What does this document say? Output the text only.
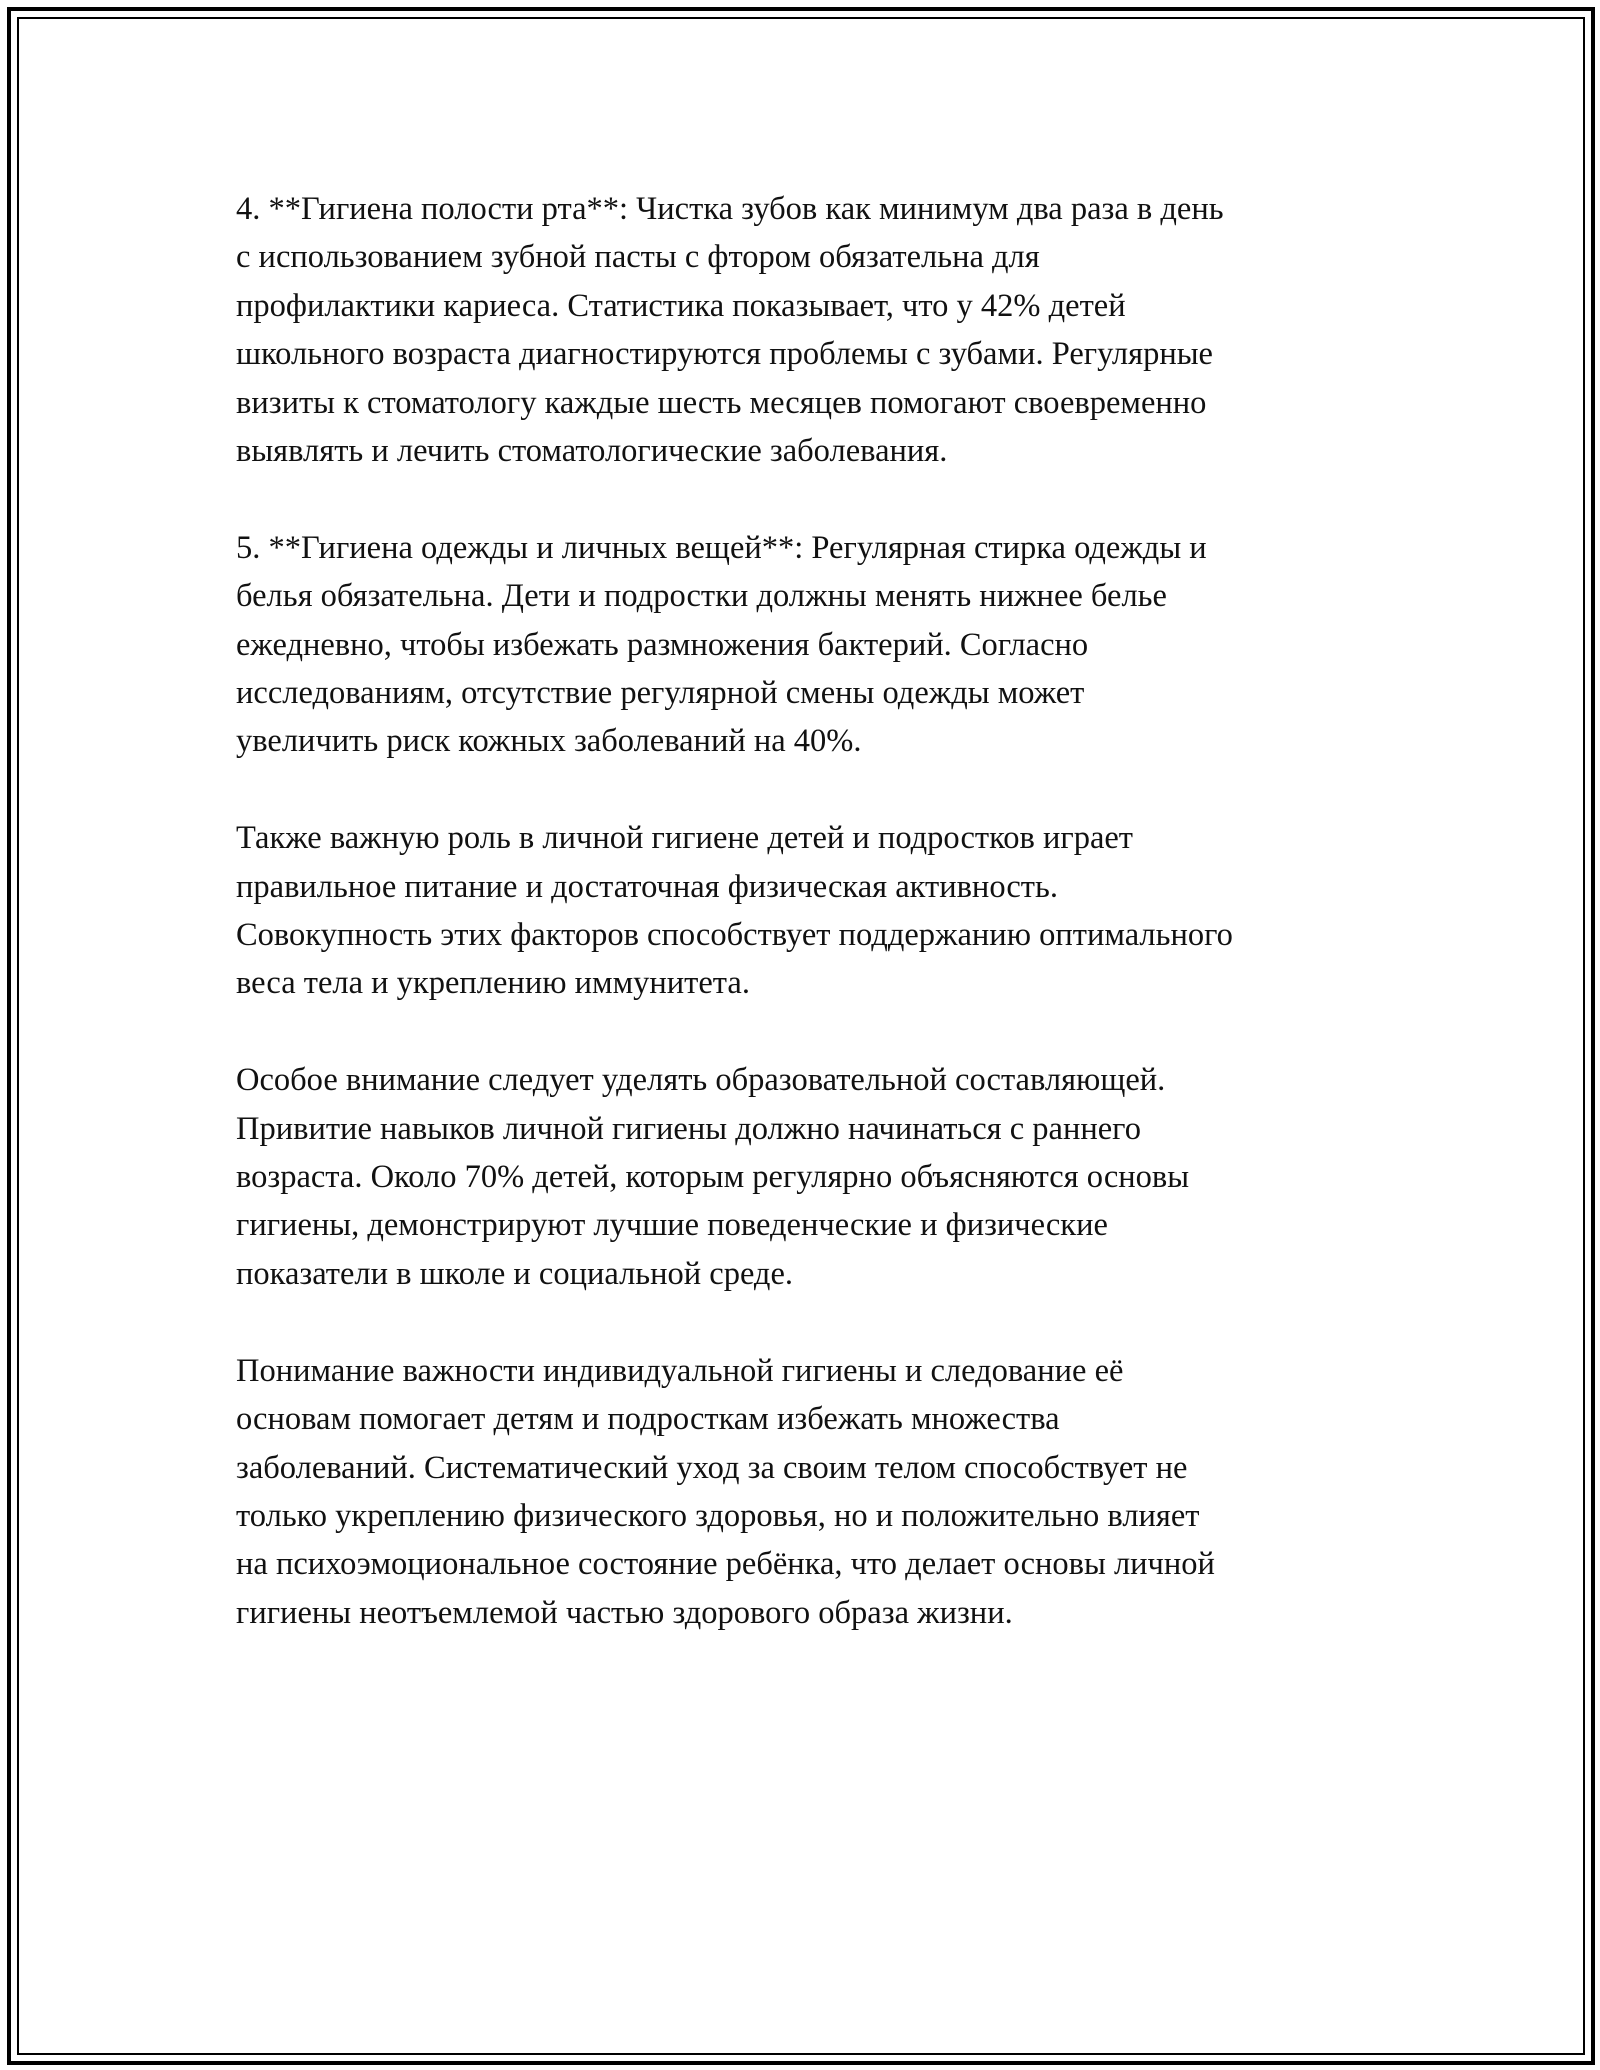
4. **Гигиена полости рта**: Чистка зубов как минимум два раза в день
с использованием зубной пасты с фтором обязательна для
профилактики кариеса. Статистика показывает, что у 42% детей
школьного возраста диагностируются проблемы с зубами. Регулярные
визиты к стоматологу каждые шесть месяцев помогают своевременно
выявлять и лечить стоматологические заболевания.

5. **Гигиена одежды и личных вещей**: Регулярная стирка одежды и
белья обязательна. Дети и подростки должны менять нижнее белье
ежедневно, чтобы избежать размножения бактерий. Согласно
исследованиям, отсутствие регулярной смены одежды может
увеличить риск кожных заболеваний на 40%.

Также важную роль в личной гигиене детей и подростков играет
правильное питание и достаточная физическая активность.
Совокупность этих факторов способствует поддержанию оптимального
веса тела и укреплению иммунитета.

Особое внимание следует уделять образовательной составляющей.
Привитие навыков личной гигиены должно начинаться с раннего
возраста. Около 70% детей, которым регулярно объясняются основы
гигиены, демонстрируют лучшие поведенческие и физические
показатели в школе и социальной среде.

Понимание важности индивидуальной гигиены и следование её
основам помогает детям и подросткам избежать множества
заболеваний. Систематический уход за своим телом способствует не
только укреплению физического здоровья, но и положительно влияет
на психоэмоциональное состояние ребёнка, что делает основы личной
гигиены неотъемлемой частью здорового образа жизни.
